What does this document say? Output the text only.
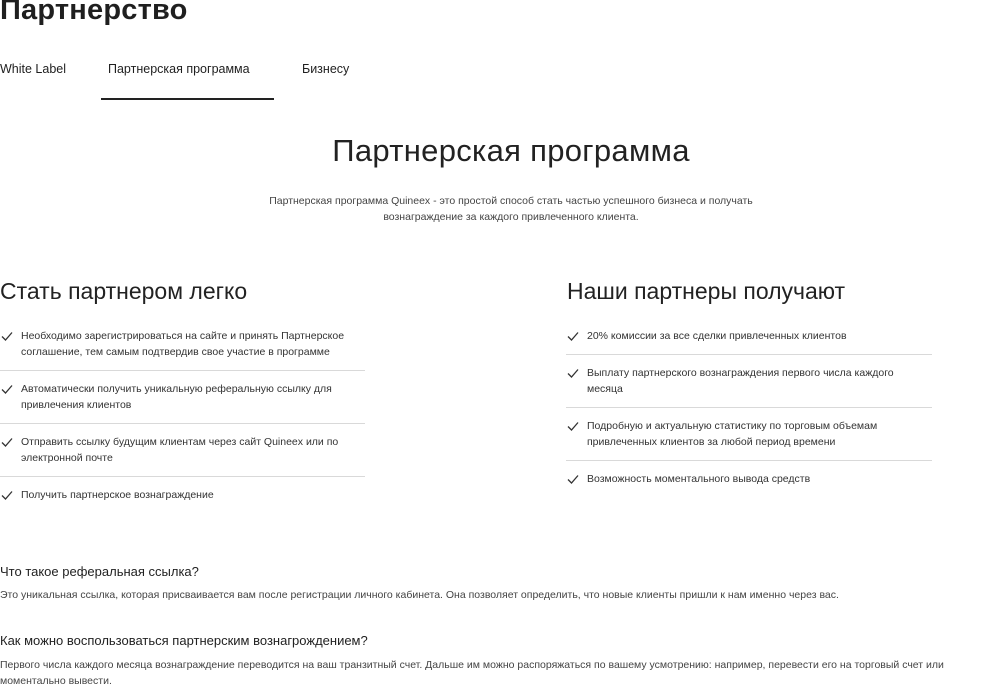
Партнерство
White Label	Партнерская программа	Бизнесу
Партнерская программа

Партнерская программа Quineex - это простой способ стать частью успешного бизнеса и получать вознаграждение за каждого привлеченного клиента.

Стать партнером легко
Необходимо зарегистрироваться на сайте и принять Партнерское соглашение, тем самым подтвердив свое участие в программе
Автоматически получить уникальную реферальную ссылку для привлечения клиентов
Отправить ссылку будущим клиентам через сайт Quineex или по электронной почте
Получить партнерское вознаграждение
Наши партнеры получают
20% комиссии за все сделки привлеченных клиентов
Выплату партнерского вознаграждения первого числа каждого месяца
Подробную и актуальную статистику по торговым объемам привлеченных клиентов за любой период времени
Возможность моментального вывода средств
Что такое реферальная ссылка?
Это уникальная ссылка, которая присваивается вам после регистрации личного кабинета. Она позволяет определить, что новые клиенты пришли к нам именно через вас.
Как можно воспользоваться партнерским вознагрождением?
Первого числа каждого месяца вознаграждение переводится на ваш транзитный счет. Дальше им можно распоряжаться по вашему усмотрению: например, перевести его на торговый счет или моментально вывести.
